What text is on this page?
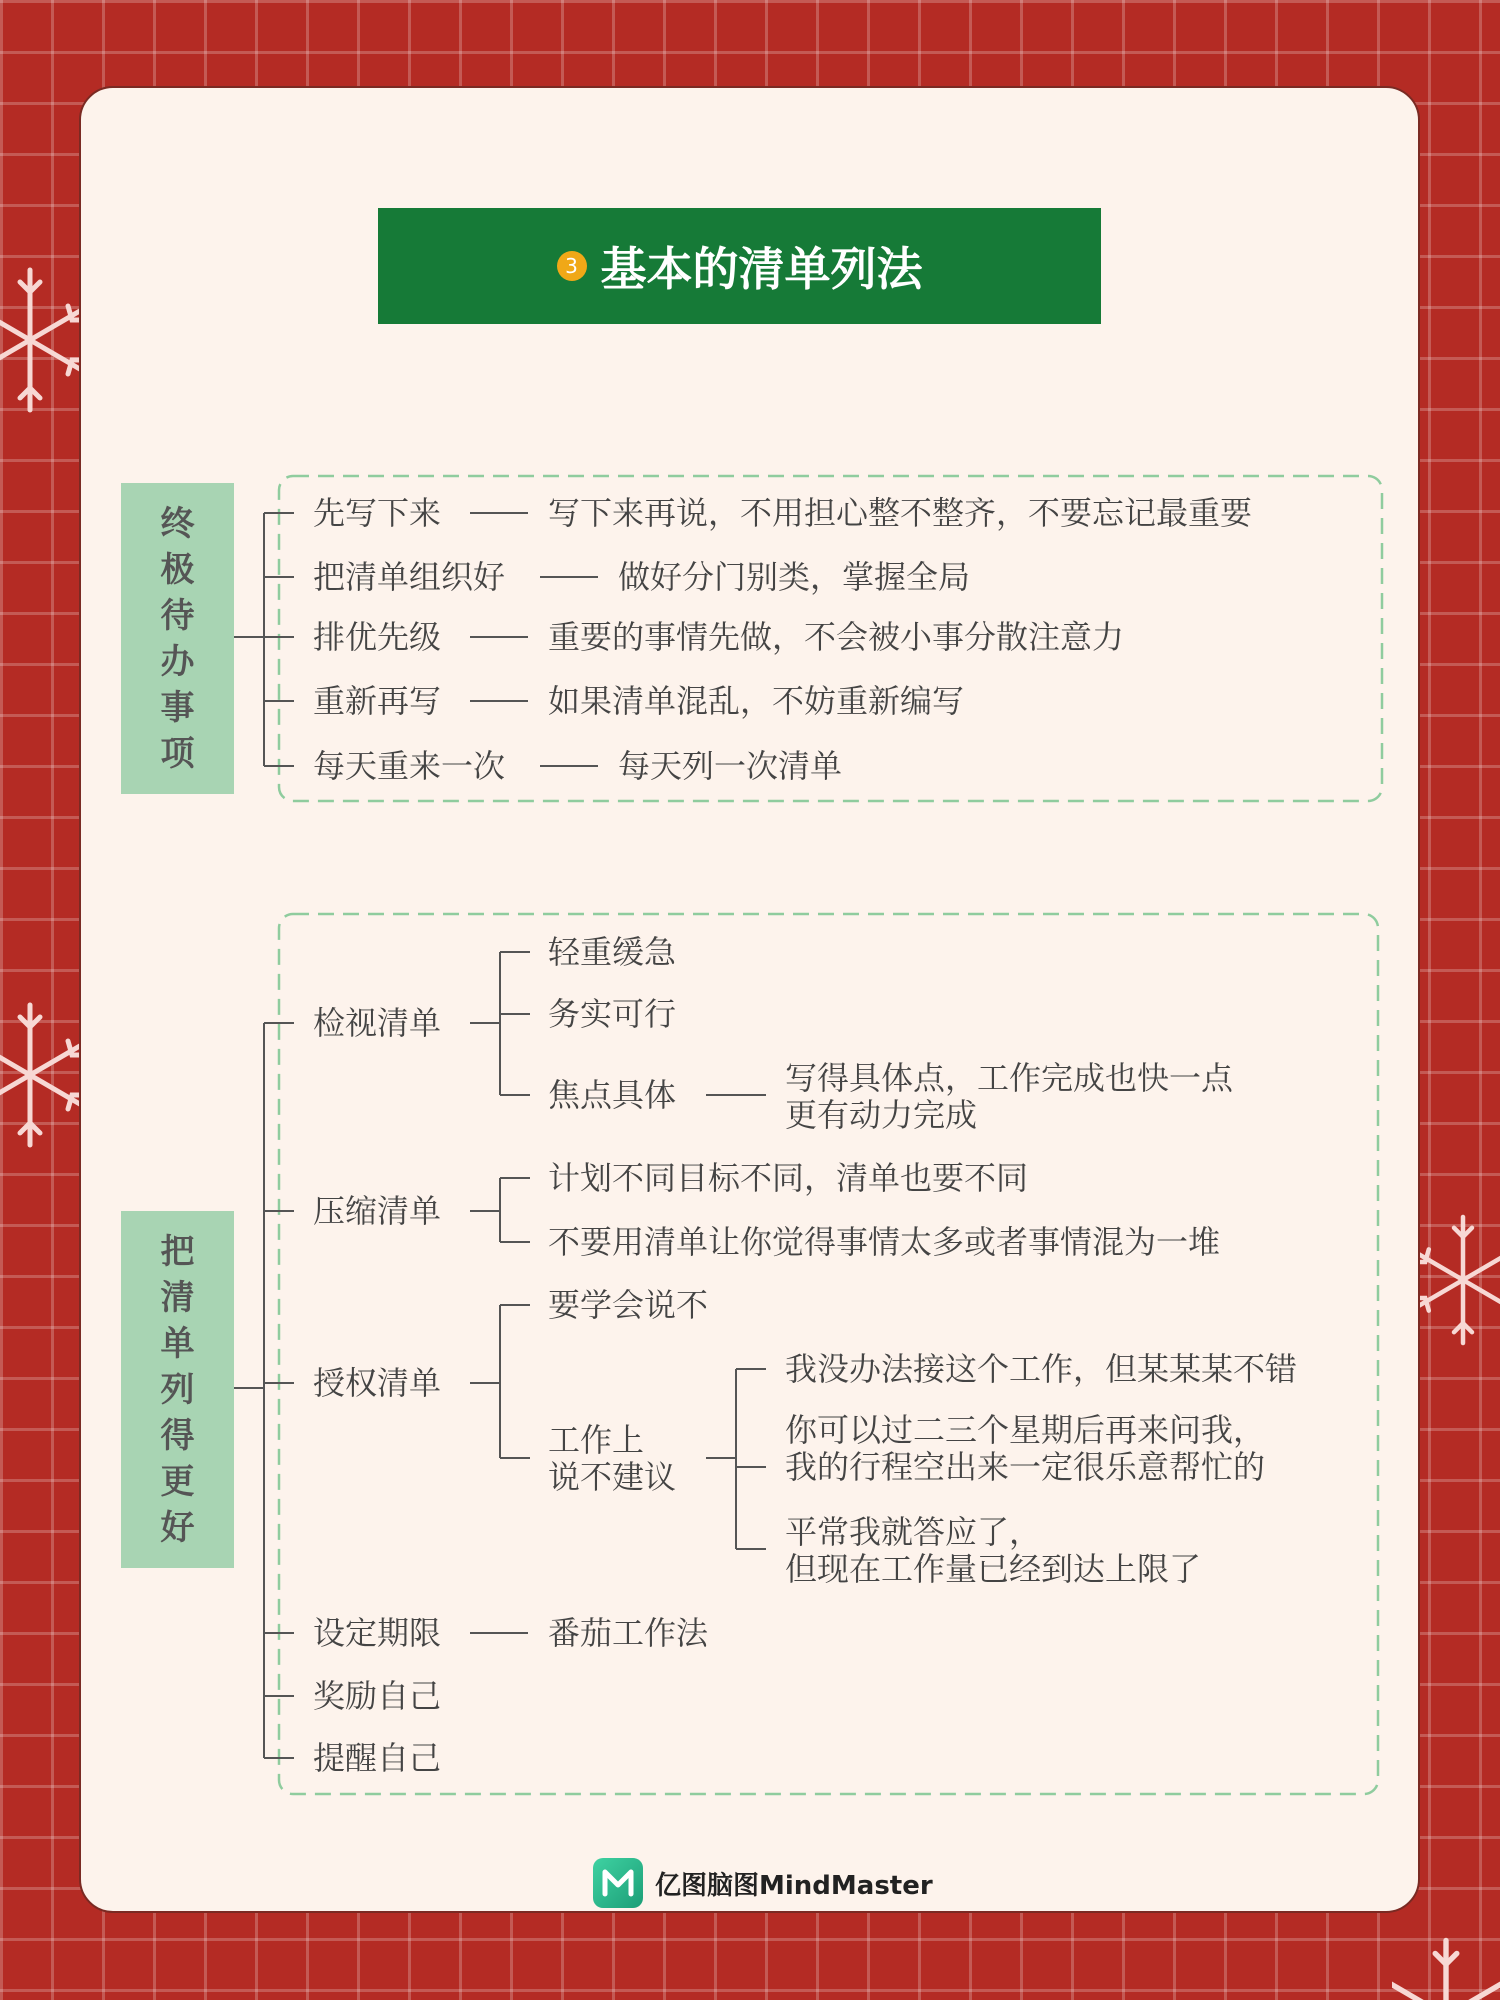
3 基本的清单列法
终
极
待
办
事
项
先写下来	写下来再说，不用担心整不整齐，不要忘记最重要
把清单组织好	做好分门别类，掌握全局
排优先级	重要的事情先做，不会被小事分散注意力
重新再写	如果清单混乱，不妨重新编写
每天重来一次	每天列一次清单
把
清
单
列
得
更
好
检视清单
轻重缓急
务实可行
焦点具体	写得具体点，工作完成也快一点
更有动力完成
压缩清单
计划不同目标不同，清单也要不同
不要用清单让你觉得事情太多或者事情混为一堆
授权清单
要学会说不
工作上
说不建议
我没办法接这个工作，但某某某不错
你可以过二三个星期后再来问我，
我的行程空出来一定很乐意帮忙的
平常我就答应了，
但现在工作量已经到达上限了
设定期限	番茄工作法
奖励自己
提醒自己
亿图脑图MindMaster
